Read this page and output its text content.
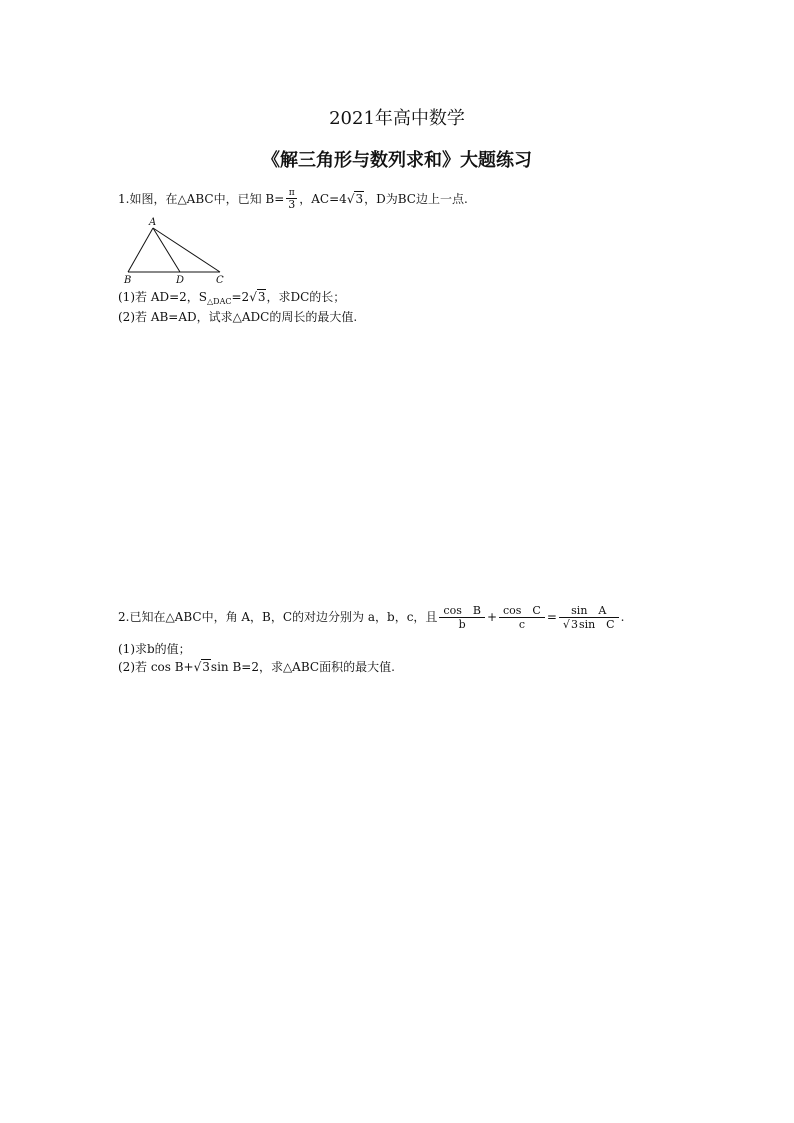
2021年高中数学
《解三角形与数列求和》大题练习
1.如图，在△ABC中，已知 $B= \frac{\pi}{3}$ ，AC=4√3，D为BC边上一点.
A
B	D	C
(1)若 AD=2，$S_{\triangle DAC}=2√3$，求DC的长；
(2)若 AB=AD，试求△ADC的周长的最大值.
2.已知在△ABC中，角 A，B，C的对边分别为 a，b，c，且 $\frac{\text{cos　B}}{b} + \frac{\text{cos　C}}{c} = \frac{\text{sin　A}}{\text{√3sin　C}}$ .
(1)求b的值；
(2)若 cos B+√3sin B=2，求△ABC面积的最大值.
